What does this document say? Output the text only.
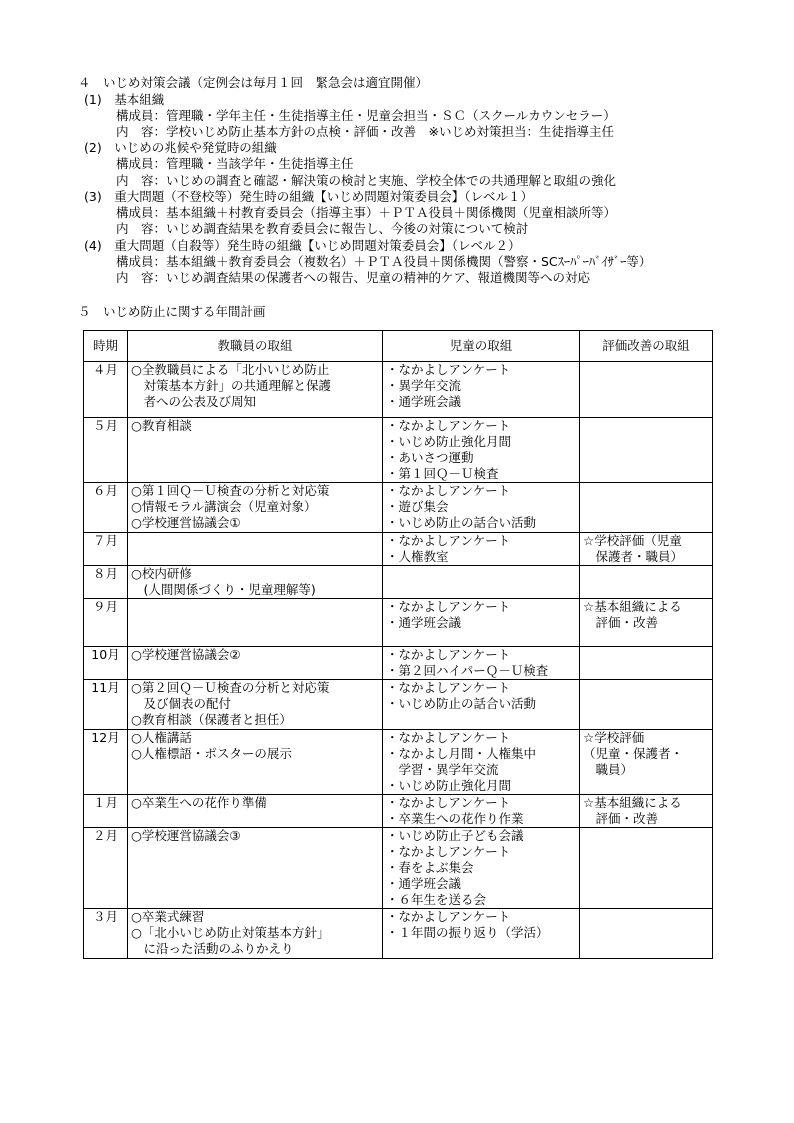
４　いじめ対策会議（定例会は毎月１回　緊急会は適宜開催）
(1)　基本組織
構成員：管理職・学年主任・生徒指導主任・児童会担当・ＳＣ（スクールカウンセラー）
内　容：学校いじめ防止基本方針の点検・評価・改善　※いじめ対策担当：生徒指導主任
(2)　いじめの兆候や発覚時の組織
構成員：管理職・当該学年・生徒指導主任
内　容：いじめの調査と確認・解決策の検討と実施、学校全体での共通理解と取組の強化
(3)　重大問題（不登校等）発生時の組織【いじめ問題対策委員会】（レベル１）
構成員：基本組織＋村教育委員会（指導主事）＋ＰＴＡ役員＋関係機関（児童相談所等）
内　容：いじめ調査結果を教育委員会に報告し、今後の対策について検討
(4)　重大問題（自殺等）発生時の組織【いじめ問題対策委員会】（レベル２）
構成員：基本組織＋教育委員会（複数名）＋ＰＴＡ役員＋関係機関（警察・SCｽｰﾊﾟｰﾊﾞｲｻﾞｰ等）
内　容：いじめ調査結果の保護者への報告、児童の精神的ケア、報道機関等への対応
５　いじめ防止に関する年間計画
時期	教職員の取組	児童の取組	評価改善の取組
４月	○全教職員による「北小いじめ防止
　対策基本方針」の共通理解と保護
　者への公表及び周知	・なかよしアンケート
・異学年交流
・通学班会議	

５月	○教育相談	・なかよしアンケート
・いじめ防止強化月間
・あいさつ運動
・第１回Ｑ－Ｕ検査	

６月	○第１回Ｑ－Ｕ検査の分析と対応策
○情報モラル講演会（児童対象）
○学校運営協議会①	・なかよしアンケート
・遊び集会
・いじめ防止の話合い活動	

７月		・なかよしアンケート
・人権教室	☆学校評価（児童
　保護者・職員）

８月	○校内研修
　(人間関係づくり・児童理解等)		

９月		・なかよしアンケート
・通学班会議	☆基本組織による
　評価・改善

10月	○学校運営協議会②	・なかよしアンケート
・第２回ハイパーＱ－Ｕ検査	

11月	○第２回Ｑ－Ｕ検査の分析と対応策
　及び個表の配付
○教育相談（保護者と担任）	・なかよしアンケート
・いじめ防止の話合い活動	

12月	○人権講話
○人権標語・ポスターの展示	・なかよしアンケート
・なかよし月間・人権集中
　学習・異学年交流
・いじめ防止強化月間	☆学校評価
（児童・保護者・
　職員）

１月	○卒業生への花作り準備	・なかよしアンケート
・卒業生への花作り作業	☆基本組織による
　評価・改善

２月	○学校運営協議会③	・いじめ防止子ども会議
・なかよしアンケート
・春をよぶ集会
・通学班会議
・６年生を送る会	

３月	○卒業式練習
○「北小いじめ防止対策基本方針」
　に沿った活動のふりかえり	・なかよしアンケート
・１年間の振り返り（学活）	
